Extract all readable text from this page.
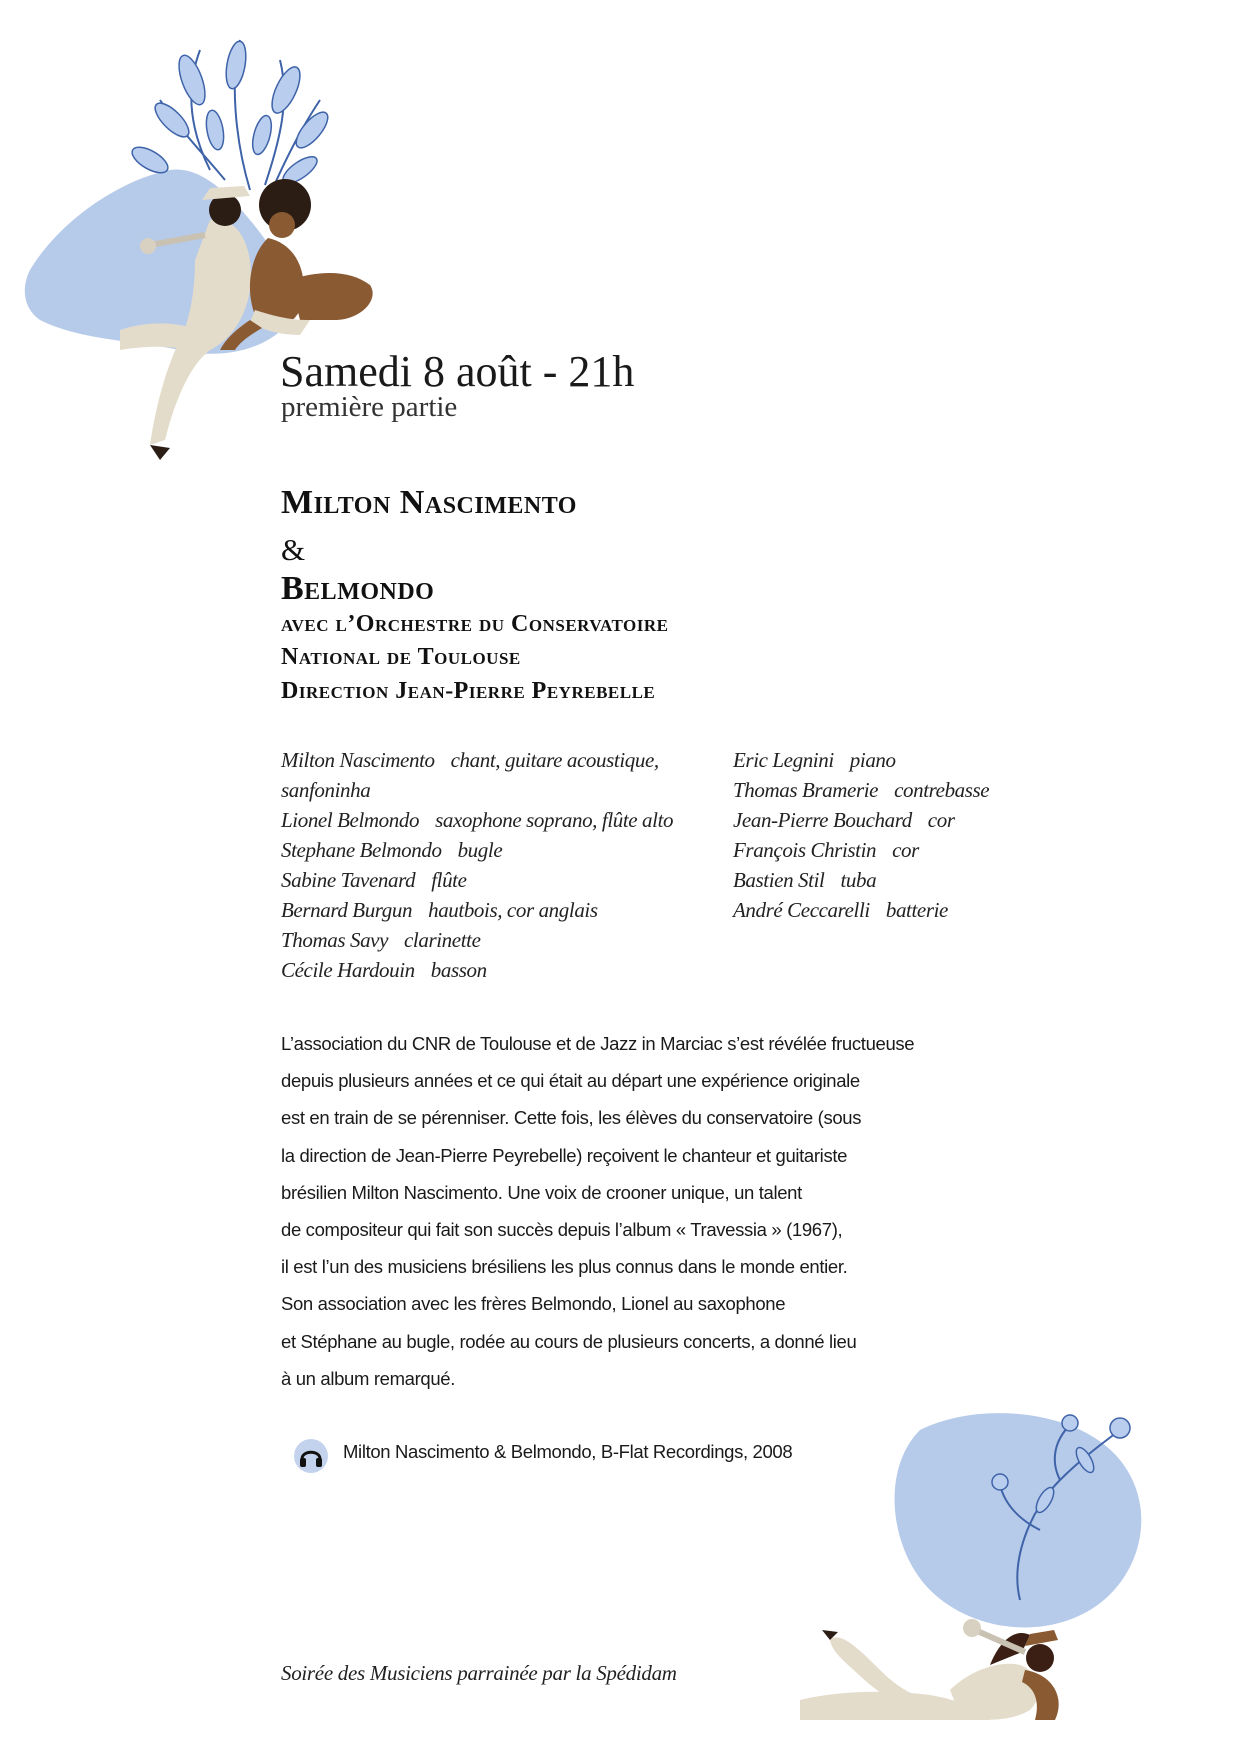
Samedi 8 août - 21h
première partie
Milton Nascimento
&
Belmondo
avec l’Orchestre du Conservatoire
National de Toulouse
Direction Jean-Pierre Peyrebelle
Milton Nascimento chant, guitare acoustique,
sanfoninha
Lionel Belmondo saxophone soprano, flûte alto
Stephane Belmondo bugle
Sabine Tavenard flûte
Bernard Burgun hautbois, cor anglais
Thomas Savy clarinette
Cécile Hardouin basson
Eric Legnini piano
Thomas Bramerie contrebasse
Jean-Pierre Bouchard cor
François Christin cor
Bastien Stil tuba
André Ceccarelli batterie
L’association du CNR de Toulouse et de Jazz in Marciac s’est révélée fructueuse
depuis plusieurs années et ce qui était au départ une expérience originale
est en train de se pérenniser. Cette fois, les élèves du conservatoire (sous
la direction de Jean-Pierre Peyrebelle) reçoivent le chanteur et guitariste
brésilien Milton Nascimento. Une voix de crooner unique, un talent
de compositeur qui fait son succès depuis l’album « Travessia » (1967),
il est l’un des musiciens brésiliens les plus connus dans le monde entier.
Son association avec les frères Belmondo, Lionel au saxophone
et Stéphane au bugle, rodée au cours de plusieurs concerts, a donné lieu
à un album remarqué.
Milton Nascimento & Belmondo, B-Flat Recordings, 2008
Soirée des Musiciens parrainée par la Spédidam
